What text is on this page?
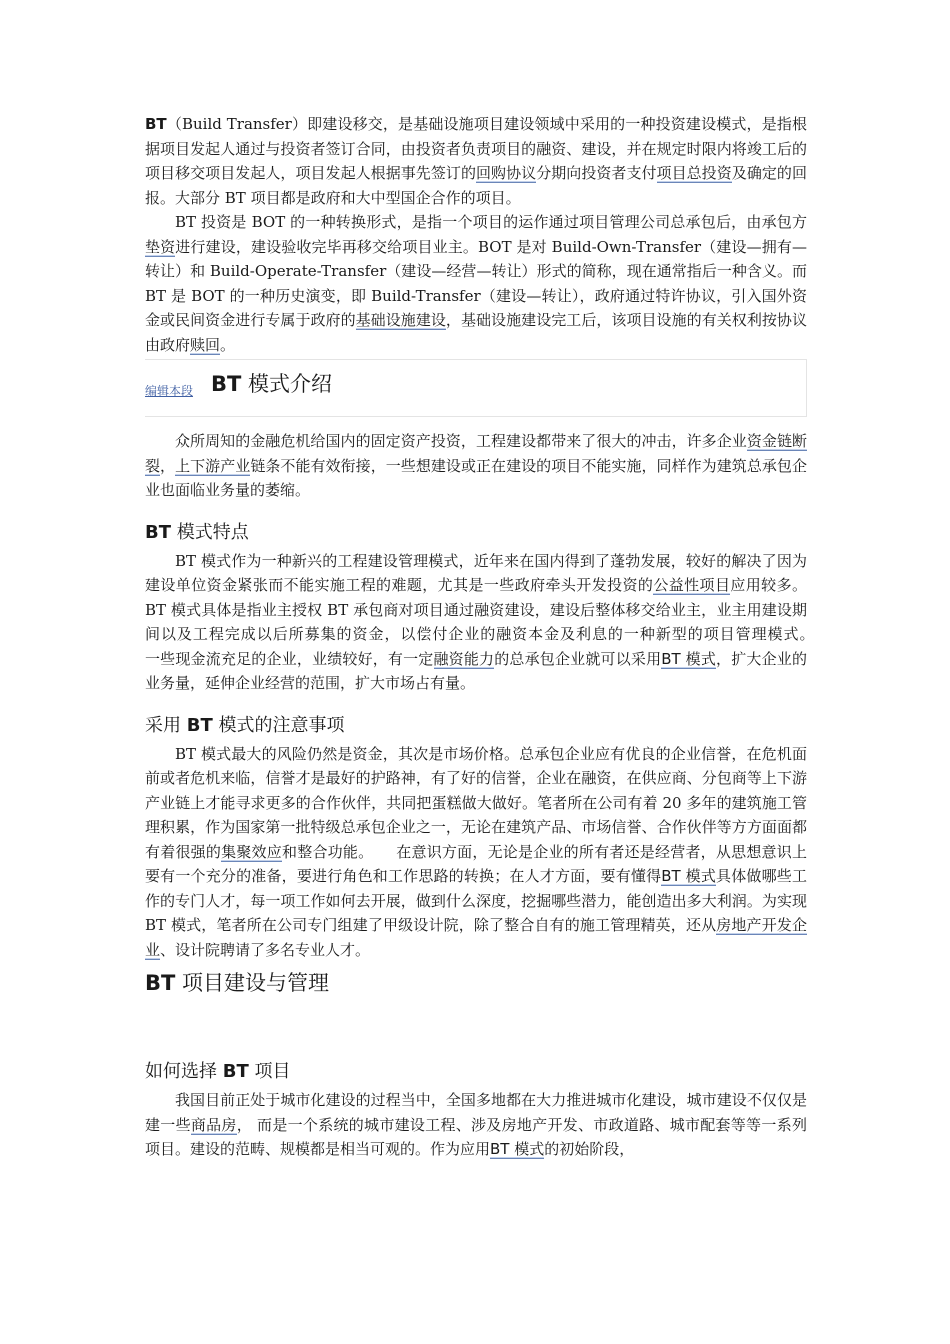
BT（Build Transfer）即建设移交，是基础设施项目建设领域中采用的一种投资建设模式，是指根据项目发起人通过与投资者签订合同，由投资者负责项目的融资、建设，并在规定时限内将竣工后的项目移交项目发起人，项目发起人根据事先签订的回购协议分期向投资者支付项目总投资及确定的回报。大部分 BT 项目都是政府和大中型国企合作的项目。

BT 投资是 BOT 的一种转换形式，是指一个项目的运作通过项目管理公司总承包后，由承包方垫资进行建设，建设验收完毕再移交给项目业主。BOT 是对 Build-Own-Transfer（建设—拥有—转让）和 Build-Operate-Transfer（建设—经营—转让）形式的简称，现在通常指后一种含义。而 BT 是 BOT 的一种历史演变，即 Build-Transfer（建设—转让），政府通过特许协议，引入国外资金或民间资金进行专属于政府的基础设施建设，基础设施建设完工后，该项目设施的有关权利按协议由政府赎回。

编辑本段 BT 模式介绍

众所周知的金融危机给国内的固定资产投资，工程建设都带来了很大的冲击，许多企业资金链断裂，上下游产业链条不能有效衔接，一些想建设或正在建设的项目不能实施，同样作为建筑总承包企业也面临业务量的萎缩。

BT 模式特点

BT 模式作为一种新兴的工程建设管理模式，近年来在国内得到了蓬勃发展，较好的解决了因为建设单位资金紧张而不能实施工程的难题，尤其是一些政府牵头开发投资的公益性项目应用较多。BT 模式具体是指业主授权 BT 承包商对项目通过融资建设，建设后整体移交给业主，业主用建设期间以及工程完成以后所募集的资金，以偿付企业的融资本金及利息的一种新型的项目管理模式。　　一些现金流充足的企业，业绩较好，有一定融资能力的总承包企业就可以采用BT 模式，扩大企业的业务量，延伸企业经营的范围，扩大市场占有量。

采用 BT 模式的注意事项

BT 模式最大的风险仍然是资金，其次是市场价格。总承包企业应有优良的企业信誉，在危机面前或者危机来临，信誉才是最好的护路神，有了好的信誉，企业在融资，在供应商、分包商等上下游产业链上才能寻求更多的合作伙伴，共同把蛋糕做大做好。笔者所在公司有着 20 多年的建筑施工管理积累，作为国家第一批特级总承包企业之一，无论在建筑产品、市场信誉、合作伙伴等方方面面都有着很强的集聚效应和整合功能。　　在意识方面，无论是企业的所有者还是经营者，从思想意识上要有一个充分的准备，要进行角色和工作思路的转换；在人才方面，要有懂得BT 模式具体做哪些工作的专门人才，每一项工作如何去开展，做到什么深度，挖掘哪些潜力，能创造出多大利润。为实现 BT 模式，笔者所在公司专门组建了甲级设计院，除了整合自有的施工管理精英，还从房地产开发企业、设计院聘请了多名专业人才。

BT 项目建设与管理
如何选择 BT 项目

我国目前正处于城市化建设的过程当中，全国多地都在大力推进城市化建设，城市建设不仅仅是建一些商品房， 而是一个系统的城市建设工程、涉及房地产开发、市政道路、城市配套等等一系列项目。建设的范畴、规模都是相当可观的。作为应用BT 模式的初始阶段，
